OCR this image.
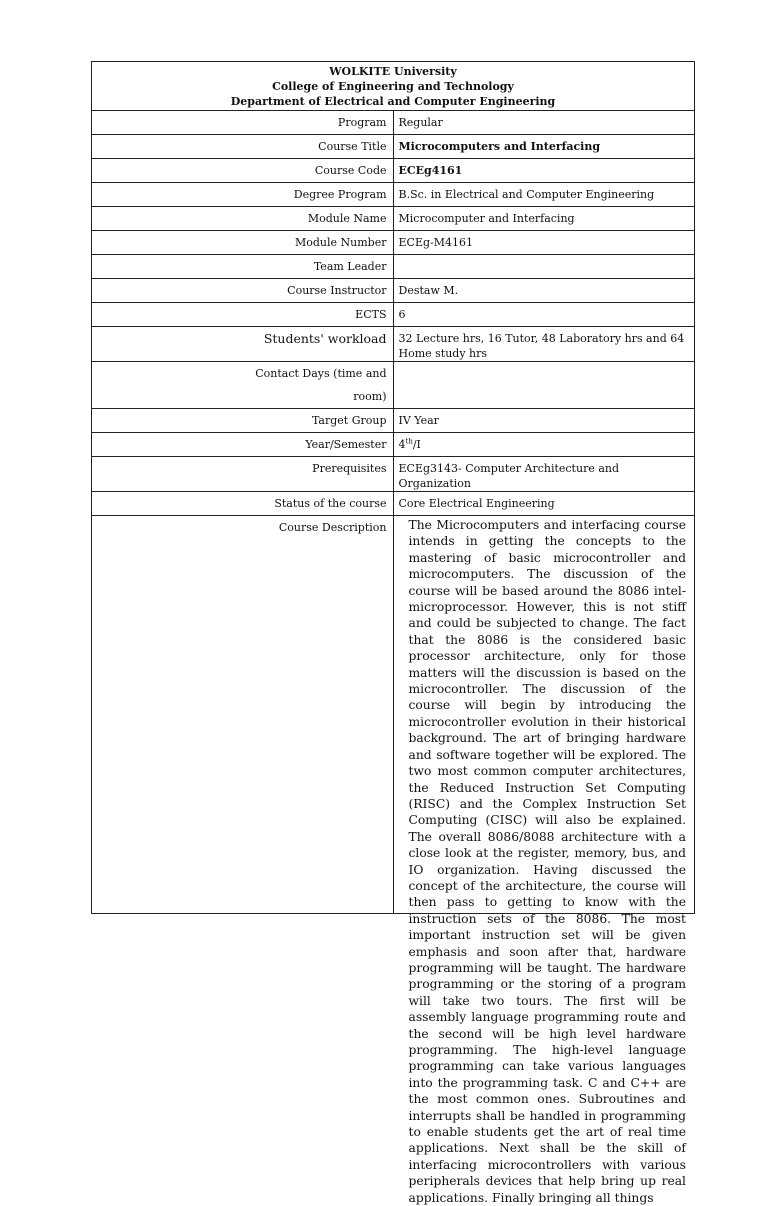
WOLKITE University
College of Engineering and Technology
Department of Electrical and Computer Engineering	

Program	Regular
Course Title	Microcomputers and Interfacing
Course Code	ECEg4161
Degree Program	B.Sc. in Electrical and Computer Engineering
Module Name	Microcomputer and Interfacing
Module Number	ECEg-M4161
Team Leader	
Course Instructor	Destaw M.
ECTS	6
Students' workload	32 Lecture hrs, 16 Tutor, 48 Laboratory hrs and 64 Home study hrs

Contact Days (time and
room)	

Target Group	IV Year
Year/Semester	4th/I
Prerequisites	ECEg3143- Computer Architecture and Organization
Status of the course	Core Electrical Engineering
Course Description	The Microcomputers and interfacing course intends in getting the concepts to the mastering of basic microcontroller and microcomputers. The discussion of the course will be based around the 8086 intel-microprocessor. However, this is not stiff and could be subjected to change. The fact that the 8086 is the considered basic processor architecture, only for those matters will the discussion is based on the microcontroller. The discussion of the course will begin by introducing the microcontroller evolution in their historical background. The art of bringing hardware and software together will be explored. The two most common computer architectures, the Reduced Instruction Set Computing (RISC) and the Complex Instruction Set Computing (CISC) will also be explained. The overall 8086/8088 architecture with a close look at the register, memory, bus, and IO organization. Having discussed the concept of the architecture, the course will then pass to getting to know with the instruction sets of the 8086. The most important instruction set will be given emphasis and soon after that, hardware programming will be taught. The hardware programming or the storing of a program will take two tours. The first will be assembly language programming route and the second will be high level hardware programming. The high-level language programming can take various languages into the programming task. C and C++ are the most common ones. Subroutines and interrupts shall be handled in programming to enable students get the art of real time applications. Next shall be the skill of interfacing microcontrollers with various peripherals devices that help bring up real applications. Finally bringing all things
